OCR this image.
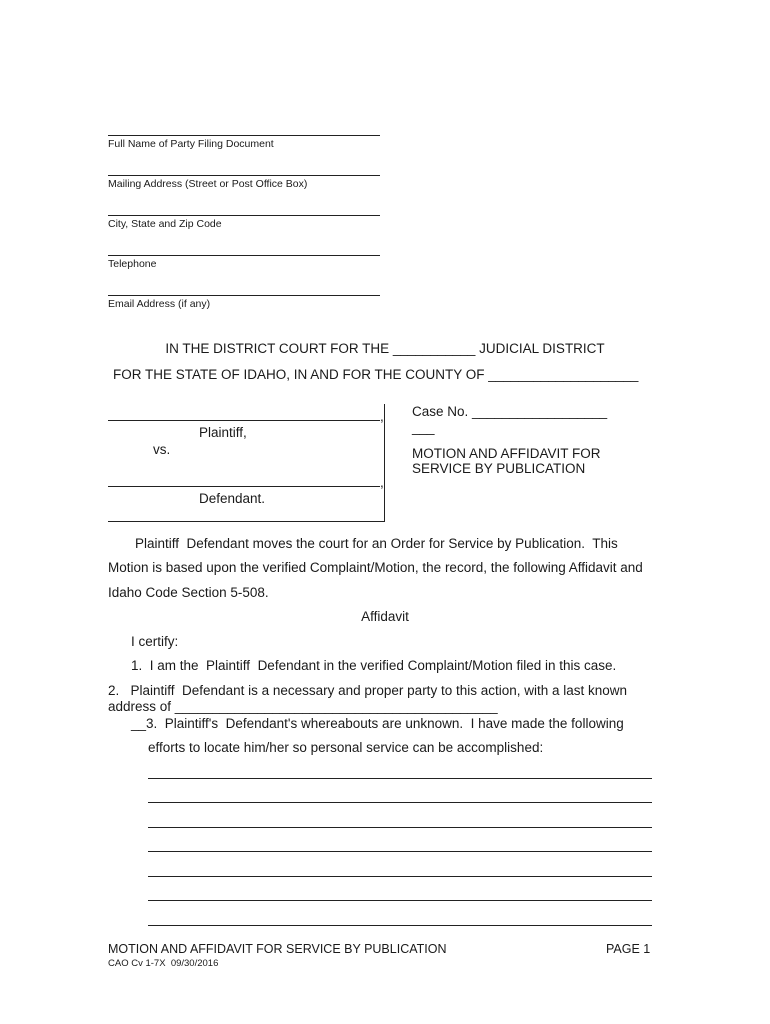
Full Name of Party Filing Document
Mailing Address (Street or Post Office Box)
City, State and Zip Code
Telephone
Email Address (if any)
IN THE DISTRICT COURT FOR THE ___________ JUDICIAL DISTRICT
FOR THE STATE OF IDAHO, IN AND FOR THE COUNTY OF ____________________
,
Plaintiff,
vs.
,
Defendant.
Case No. __________________
___
MOTION AND AFFIDAVIT FOR
SERVICE BY PUBLICATION
Plaintiff  Defendant moves the court for an Order for Service by Publication.  This
Motion is based upon the verified Complaint/Motion, the record, the following Affidavit and
Idaho Code Section 5-508.
Affidavit
I certify:
1.  I am the  Plaintiff  Defendant in the verified Complaint/Motion filed in this case.
2.   Plaintiff  Defendant is a necessary and proper party to this action, with a last known
address of ___________________________________________
__3.  Plaintiff's  Defendant's whereabouts are unknown.  I have made the following
efforts to locate him/her so personal service can be accomplished:
MOTION AND AFFIDAVIT FOR SERVICE BY PUBLICATION	PAGE 1
CAO Cv 1-7X  09/30/2016
